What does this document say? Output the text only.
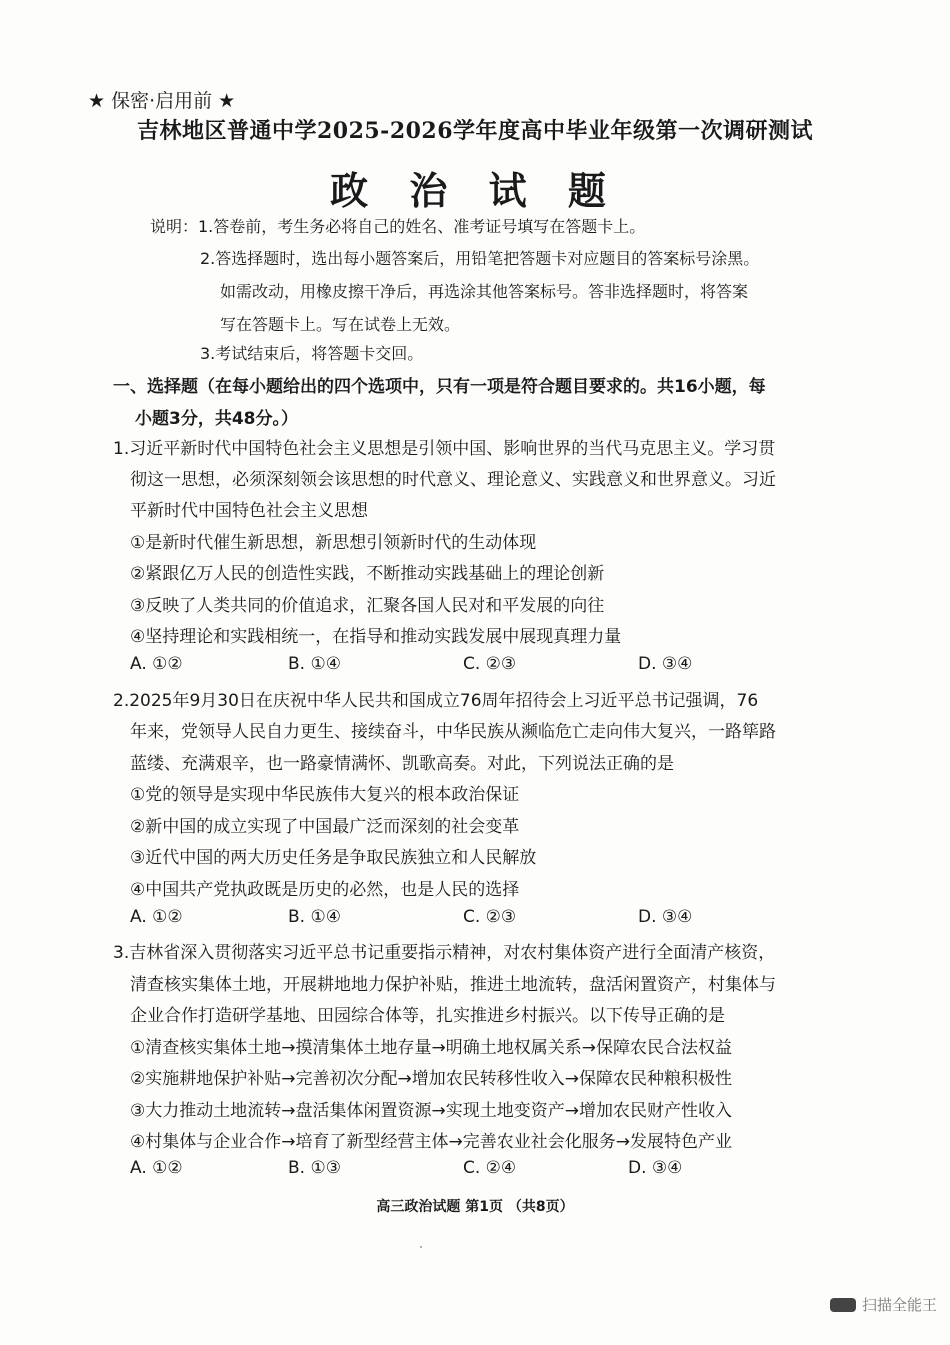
★ 保密·启用前 ★
吉林地区普通中学2025-2026学年度高中毕业年级第一次调研测试
政 治 试 题
说明：1.答卷前，考生务必将自己的姓名、准考证号填写在答题卡上。
2.答选择题时，选出每小题答案后，用铅笔把答题卡对应题目的答案标号涂黑。
如需改动，用橡皮擦干净后，再选涂其他答案标号。答非选择题时，将答案
写在答题卡上。写在试卷上无效。
3.考试结束后，将答题卡交回。
一、选择题（在每小题给出的四个选项中，只有一项是符合题目要求的。共16小题，每
小题3分，共48分。）
1.习近平新时代中国特色社会主义思想是引领中国、影响世界的当代马克思主义。学习贯
彻这一思想，必须深刻领会该思想的时代意义、理论意义、实践意义和世界意义。习近
平新时代中国特色社会主义思想
①是新时代催生新思想，新思想引领新时代的生动体现
②紧跟亿万人民的创造性实践，不断推动实践基础上的理论创新
③反映了人类共同的价值追求，汇聚各国人民对和平发展的向往
④坚持理论和实践相统一，在指导和推动实践发展中展现真理力量
A. ①②	B. ①④	C. ②③	D. ③④
2.2025年9月30日在庆祝中华人民共和国成立76周年招待会上习近平总书记强调，76
年来，党领导人民自力更生、接续奋斗，中华民族从濒临危亡走向伟大复兴，一路筚路
蓝缕、充满艰辛，也一路豪情满怀、凯歌高奏。对此，下列说法正确的是
①党的领导是实现中华民族伟大复兴的根本政治保证
②新中国的成立实现了中国最广泛而深刻的社会变革
③近代中国的两大历史任务是争取民族独立和人民解放
④中国共产党执政既是历史的必然，也是人民的选择
A. ①②	B. ①④	C. ②③	D. ③④
3.吉林省深入贯彻落实习近平总书记重要指示精神，对农村集体资产进行全面清产核资，
清查核实集体土地，开展耕地地力保护补贴，推进土地流转，盘活闲置资产，村集体与
企业合作打造研学基地、田园综合体等，扎实推进乡村振兴。以下传导正确的是
①清查核实集体土地→摸清集体土地存量→明确土地权属关系→保障农民合法权益
②实施耕地保护补贴→完善初次分配→增加农民转移性收入→保障农民种粮积极性
③大力推动土地流转→盘活集体闲置资源→实现土地变资产→增加农民财产性收入
④村集体与企业合作→培育了新型经营主体→完善农业社会化服务→发展特色产业
A. ①②	B. ①③	C. ②④	D. ③④
高三政治试题 第1页 （共8页）
扫描全能王
